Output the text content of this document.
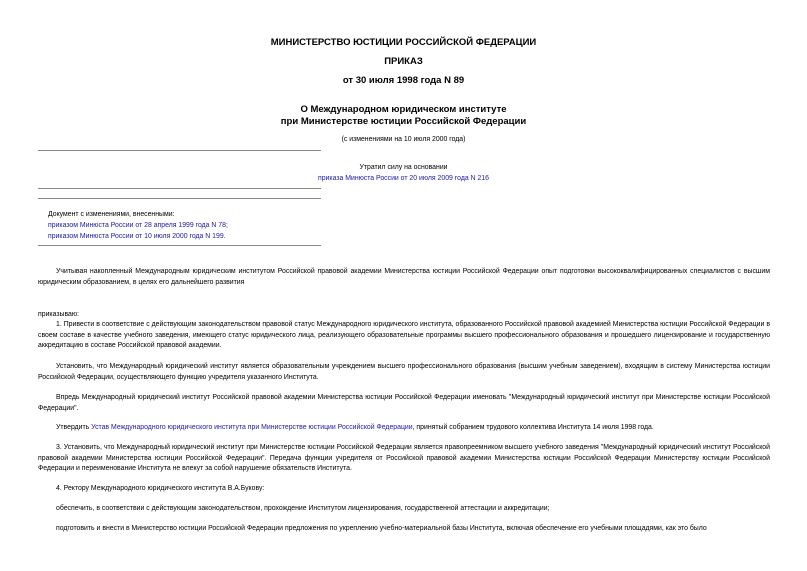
МИНИСТЕРСТВО ЮСТИЦИИ РОССИЙСКОЙ ФЕДЕРАЦИИ
ПРИКАЗ
от 30 июля 1998 года N 89
О Международном юридическом институте
при Министерстве юстиции Российской Федерации
(с изменениями на 10 июля 2000 года)
Утратил силу на основании
приказа Минюста России от 20 июля 2009 года N 216
Документ с изменениями, внесенными:
приказом Минюста России от 28 апреля 1999 года N 78;
приказом Минюста России от 10 июля 2000 года N 199.
Учитывая накопленный Международным юридическим институтом Российской правовой академии Министерства юстиции Российской Федерации опыт подготовки высококвалифицированных специалистов с высшим юридическим образованием, в целях его дальнейшего развития
приказываю:
1. Привести в соответствие с действующим законодательством правовой статус Международного юридического института, образованного Российской правовой академией Министерства юстиции Российской Федерации в своем составе в качестве учебного заведения, имеющего статус юридического лица, реализующего образовательные программы высшего профессионального образования и прошедшего лицензирование и государственную аккредитацию в составе Российской правовой академии.
Установить, что Международный юридический институт является образовательным учреждением высшего профессионального образования (высшим учебным заведением), входящим в систему Министерства юстиции Российской Федерации, осуществляющего функцию учредителя указанного Института.
Впредь Международный юридический институт Российской правовой академии Министерства юстиции Российской Федерации именовать "Международный юридический институт при Министерстве юстиции Российской Федерации".
Утвердить Устав Международного юридического института при Министерстве юстиции Российской Федерации, принятый собранием трудового коллектива Института 14 июля 1998 года.
3. Установить, что Международный юридический институт при Министерстве юстиции Российской Федерации является правопреемником высшего учебного заведения "Международный юридический институт Российской правовой академии Министерства юстиции Российской Федерации". Передача функции учредителя от Российской правовой академии Министерства юстиции Российской Федерации Министерству юстиции Российской Федерации и переименование Института не влекут за собой нарушение обязательств Института.
4. Ректору Международного юридического института В.А.Букову:
обеспечить, в соответствии с действующим законодательством, прохождение Институтом лицензирования, государственной аттестации и аккредитации;
подготовить и внести в Министерство юстиции Российской Федерации предложения по укреплению учебно-материальной базы Института, включая обеспечение его учебными площадями, как это было
